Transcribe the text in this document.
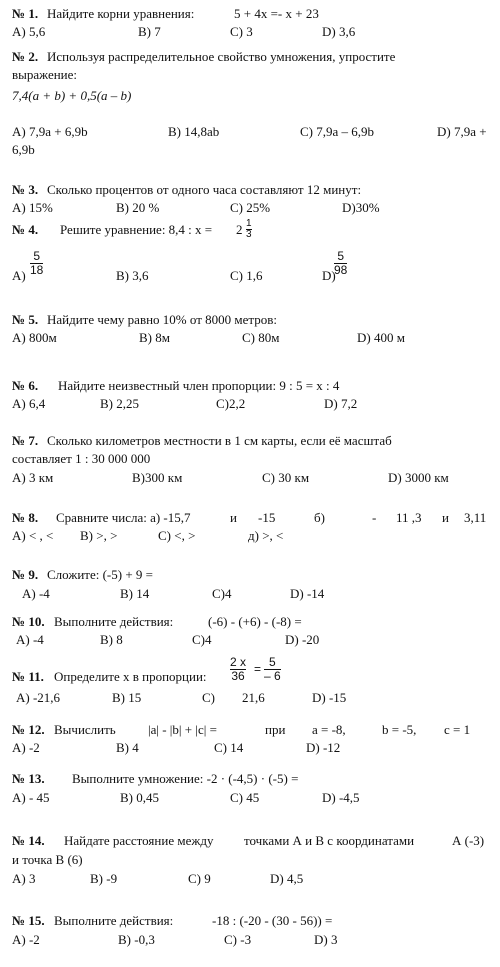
№ 1. Найдите корни уравнения:	5 + 4x =- x + 23
A) 5,6	B) 7	C) 3	D) 3,6
№ 2. Используя распределительное свойство умножения, упростите
выражение:
7,4(a + b) + 0,5(a – b)
A) 7,9a + 6,9b	B) 14,8ab	C) 7,9a – 6,9b	D) 7,9a +
6,9b
№ 3. Сколько процентов от одного часа составляют 12 минут:
A) 15%	B) 20 %	C) 25%	D)30%
№ 4. Решите уравнение: 8,4 : $x = 2 \frac{1}{3}$
A)	B) 3,6	C) 1,6	D)
$\frac{5}{18}$	$\frac{5}{98}$
№ 5. Найдите чему равно 10% от 8000 метров:
A) 800м	B) 8м	C) 80м	D) 400 м
№ 6. Найдите неизвестный член пропорции: 9 : 5 = x : 4
A) 6,4	B) 2,25	C)2,2	D) 7,2
№ 7. Сколько километров местности в 1 см карты, если её масштаб
составляет 1 : 30 000 000
A) 3 км	B)300 км	C) 30 км	D) 3000 км
№ 8. Сравните числа: а) -15,7	и -15	б)	- 11 ,3 и 3,11
A) < , < B) >, >	C) <, >	д) >, <
№ 9. Сложите: (-5) + 9 =
A) -4	B) 14	C)4	D) -14
№ 10. Выполните действия:	(-6) - (+6) - (-8) =
A) -4	B) 8	C)4	D) -20
№ 11. Определите x в пропорции: $\frac{2 x}{36} = \frac{5}{- 6}$
A) -21,6	B) 15	C) 21,6	D) -15
№ 12. Вычислить |a| - |b| + |c| =	при a = -8,	b = -5, c = 1
A) -2	B) 4	C) 14	D) -12
№ 13. Выполните умножение: -2 · (-4,5) · (-5) =
A) - 45	B) 0,45	C) 45	D) -4,5
№ 14. Найдате расстояние между точками А и В с координатами	А (-3)
и точка В (6)
A) 3	B) -9	C) 9	D) 4,5
№ 15. Выполните действия:	-18 : (-20 - (30 - 56)) =
A) -2	B) -0,3	C) -3	D) 3
